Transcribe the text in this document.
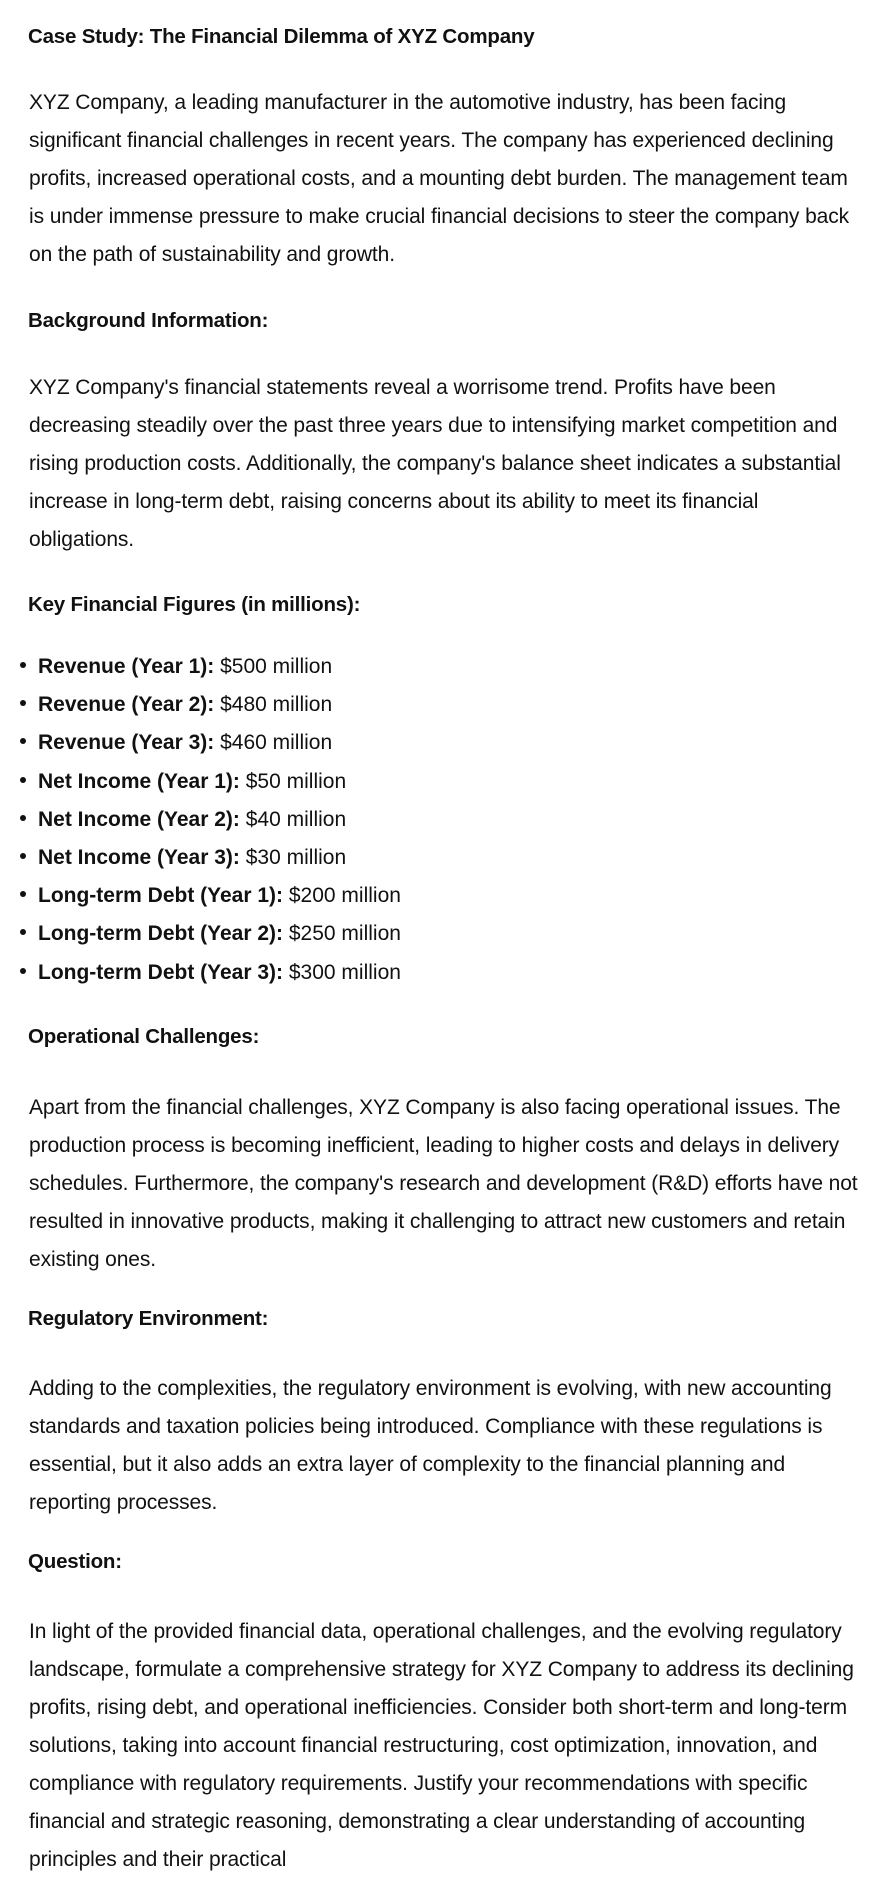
Case Study: The Financial Dilemma of XYZ Company

XYZ Company, a leading manufacturer in the automotive industry, has been facing significant financial challenges in recent years. The company has experienced declining profits, increased operational costs, and a mounting debt burden. The management team is under immense pressure to make crucial financial decisions to steer the company back on the path of sustainability and growth.

Background Information:

XYZ Company's financial statements reveal a worrisome trend. Profits have been decreasing steadily over the past three years due to intensifying market competition and rising production costs. Additionally, the company's balance sheet indicates a substantial increase in long-term debt, raising concerns about its ability to meet its financial obligations.

Key Financial Figures (in millions):
Revenue (Year 1): $500 million
Revenue (Year 2): $480 million
Revenue (Year 3): $460 million
Net Income (Year 1): $50 million
Net Income (Year 2): $40 million
Net Income (Year 3): $30 million
Long-term Debt (Year 1): $200 million
Long-term Debt (Year 2): $250 million
Long-term Debt (Year 3): $300 million
Operational Challenges:

Apart from the financial challenges, XYZ Company is also facing operational issues. The production process is becoming inefficient, leading to higher costs and delays in delivery schedules. Furthermore, the company's research and development (R&D) efforts have not resulted in innovative products, making it challenging to attract new customers and retain existing ones.

Regulatory Environment:

Adding to the complexities, the regulatory environment is evolving, with new accounting standards and taxation policies being introduced. Compliance with these regulations is essential, but it also adds an extra layer of complexity to the financial planning and reporting processes.

Question:

In light of the provided financial data, operational challenges, and the evolving regulatory landscape, formulate a comprehensive strategy for XYZ Company to address its declining profits, rising debt, and operational inefficiencies. Consider both short-term and long-term solutions, taking into account financial restructuring, cost optimization, innovation, and compliance with regulatory requirements. Justify your recommendations with specific financial and strategic reasoning, demonstrating a clear understanding of accounting principles and their practical
